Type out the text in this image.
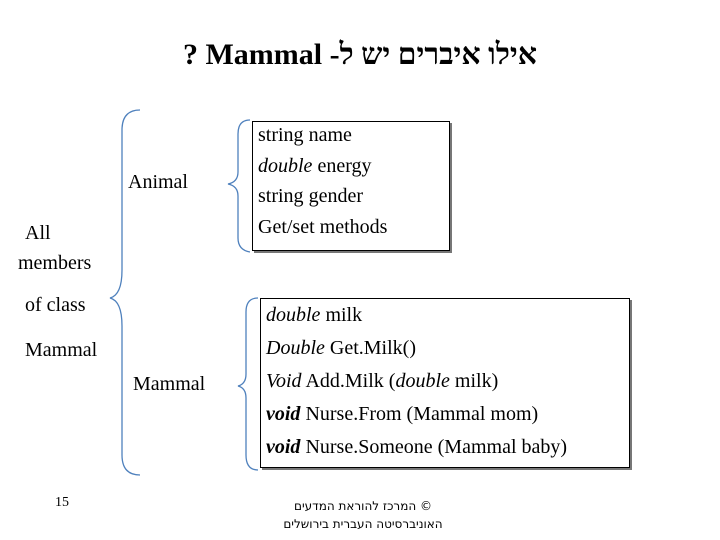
? Mammal אילו איברים יש ל-
All
members
of class
Mammal
Animal
Mammal
string name
double energy
string gender
Get/set methods
double milk
Double Get.Milk()
Void Add.Milk (double milk)
void Nurse.From (Mammal mom)
void Nurse.Someone (Mammal baby)
15	© המרכז להוראת המדעים
האוניברסיטה העברית בירושלים
